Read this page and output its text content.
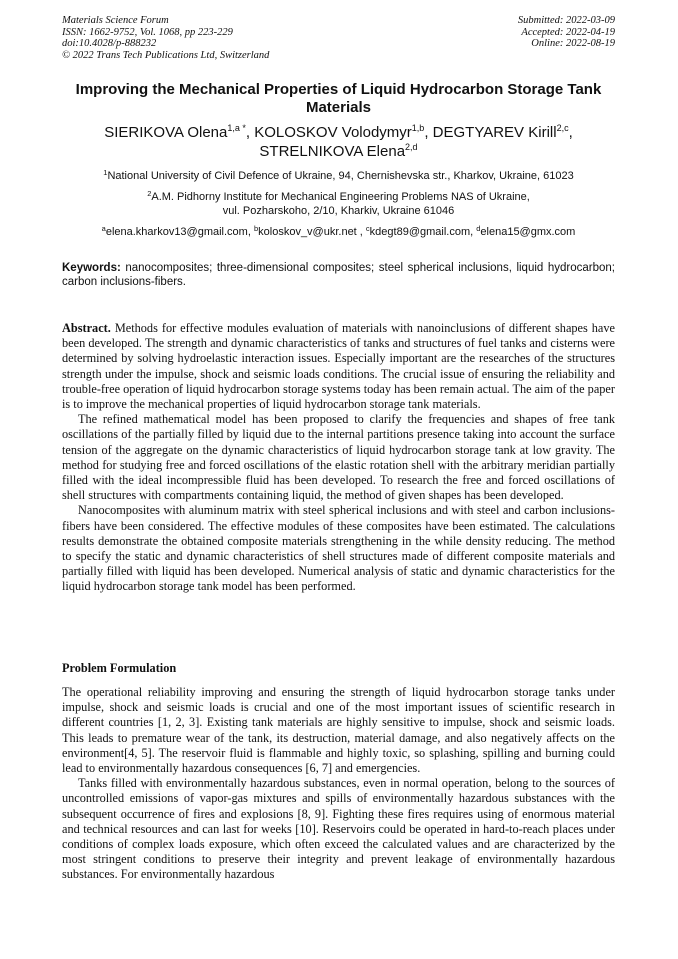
Materials Science Forum
ISSN: 1662-9752, Vol. 1068, pp 223-229
doi:10.4028/p-888232
© 2022 Trans Tech Publications Ltd, Switzerland
Submitted: 2022-03-09
Accepted: 2022-04-19
Online: 2022-08-19
Improving the Mechanical Properties of Liquid Hydrocarbon Storage Tank Materials
SIERIKOVA Olena$^{1,a *}$, KOLOSKOV Volodymyr$^{1,b}$, DEGTYAREV Kirill$^{2,c}$,
STRELNIKOVA Elena$^{2,d}$
$^1$National University of Civil Defence of Ukraine, 94, Chernishevska str., Kharkov, Ukraine, 61023
$^2$A.M. Pidhorny Institute for Mechanical Engineering Problems NAS of Ukraine,
vul. Pozharskoho, 2/10, Kharkiv, Ukraine 61046
$^a$elena.kharkov13@gmail.com, $^b$koloskov_v@ukr.net , $^c$kdegt89@gmail.com, $^d$elena15@gmx.com
Keywords: nanocomposites; three-dimensional composites; steel spherical inclusions, liquid hydrocarbon; carbon inclusions-fibers.

Abstract. Methods for effective modules evaluation of materials with nanoinclusions of different shapes have been developed. The strength and dynamic characteristics of tanks and structures of fuel tanks and cisterns were determined by solving hydroelastic interaction issues. Especially important are the researches of the structures strength under the impulse, shock and seismic loads conditions. The crucial issue of ensuring the reliability and trouble-free operation of liquid hydrocarbon storage systems today has been remain actual. The aim of the paper is to improve the mechanical properties of liquid hydrocarbon storage tank materials.

The refined mathematical model has been proposed to clarify the frequencies and shapes of free tank oscillations of the partially filled by liquid due to the internal partitions presence taking into account the surface tension of the aggregate on the dynamic characteristics of liquid hydrocarbon storage tank at low gravity. The method for studying free and forced oscillations of the elastic rotation shell with the arbitrary meridian partially filled with the ideal incompressible fluid has been developed. To research the free and forced oscillations of shell structures with compartments containing liquid, the method of given shapes has been developed.

Nanocomposites with aluminum matrix with steel spherical inclusions and with steel and carbon inclusions-fibers have been considered. The effective modules of these composites have been estimated. The calculations results demonstrate the obtained composite materials strengthening in the while density reducing. The method to specify the static and dynamic characteristics of shell structures made of different composite materials and partially filled with liquid has been developed. Numerical analysis of static and dynamic characteristics for the liquid hydrocarbon storage tank model has been performed.

Problem Formulation

The operational reliability improving and ensuring the strength of liquid hydrocarbon storage tanks under impulse, shock and seismic loads is crucial and one of the most important issues of scientific research in different countries [1, 2, 3]. Existing tank materials are highly sensitive to impulse, shock and seismic loads. This leads to premature wear of the tank, its destruction, material damage, and also negatively affects on the environment[4, 5]. The reservoir fluid is flammable and highly toxic, so splashing, spilling and burning could lead to environmentally hazardous consequences [6, 7] and emergencies.

Tanks filled with environmentally hazardous substances, even in normal operation, belong to the sources of uncontrolled emissions of vapor-gas mixtures and spills of environmentally hazardous substances with the subsequent occurrence of fires and explosions [8, 9]. Fighting these fires requires using of enormous material and technical resources and can last for weeks [10]. Reservoirs could be operated in hard-to-reach places under conditions of complex loads exposure, which often exceed the calculated values and are characterized by the most stringent conditions to preserve their integrity and prevent leakage of environmentally hazardous substances. For environmentally hazardous
